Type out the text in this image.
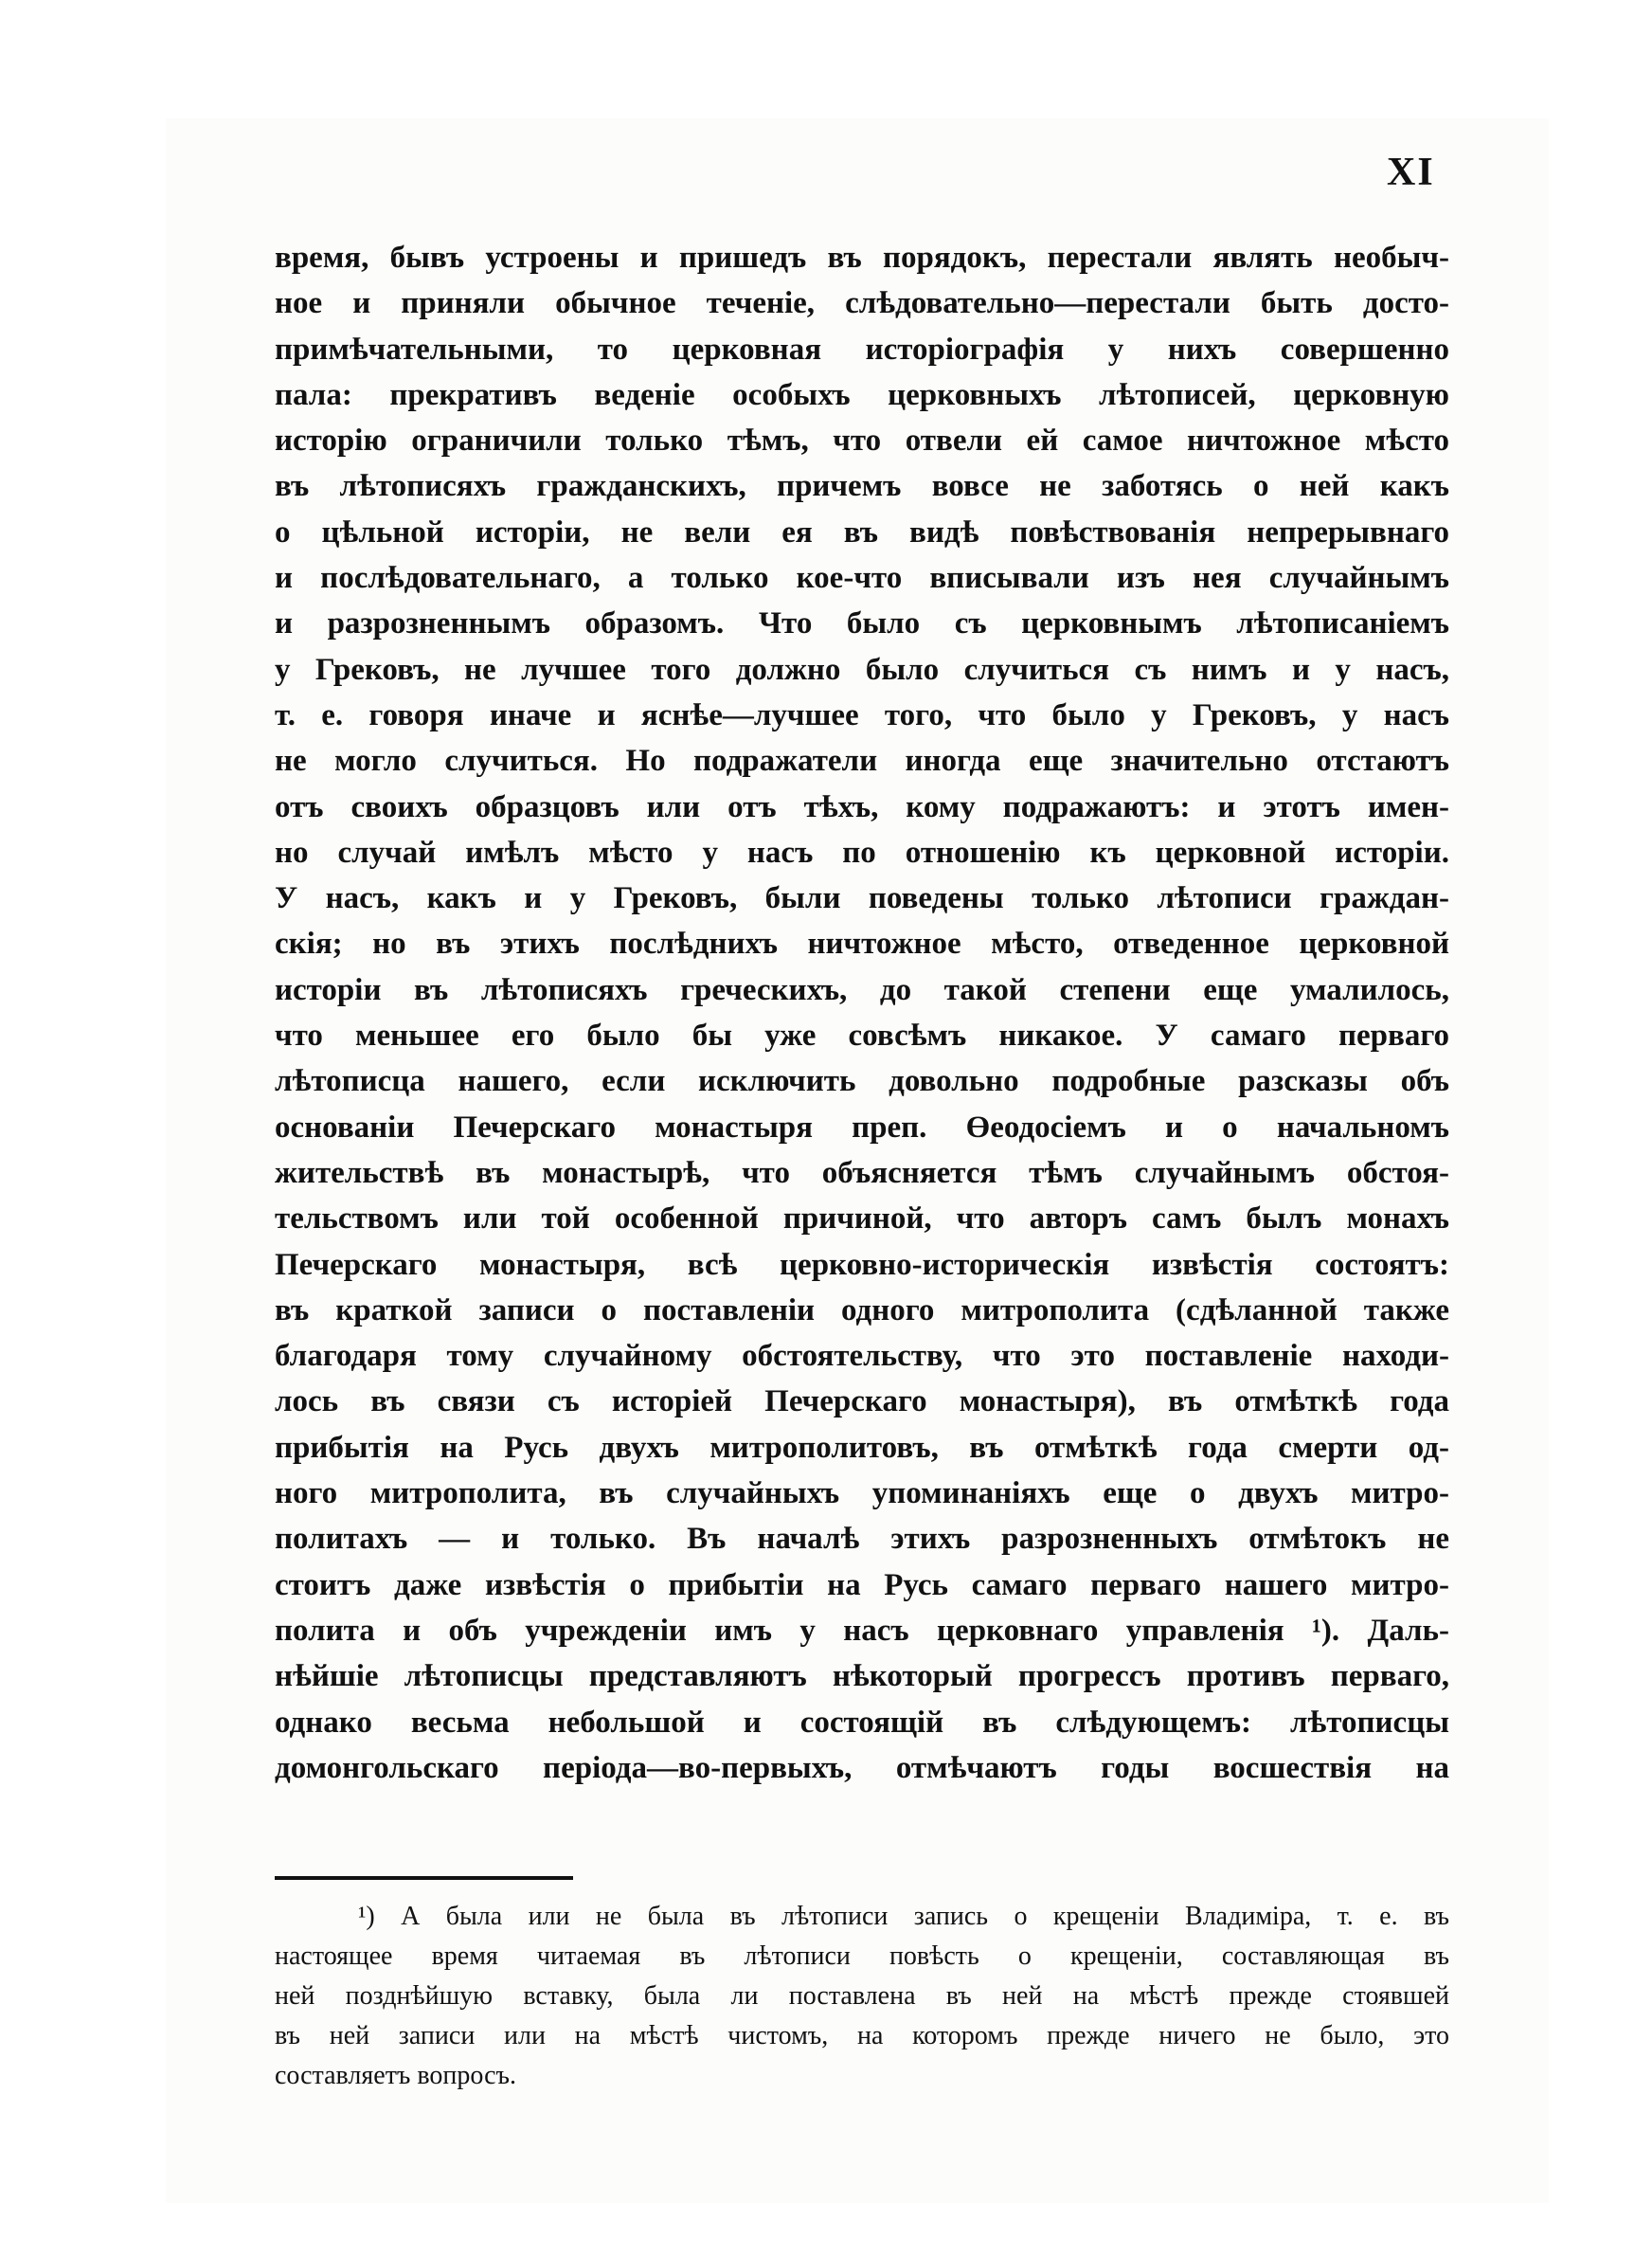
XI
время, бывъ устроены и пришедъ въ порядокъ, перестали являть необыч-
ное и приняли обычное теченіе, слѣдовательно—перестали быть досто-
примѣчательными, то церковная исторіографія у нихъ совершенно
пала: прекративъ веденіе особыхъ церковныхъ лѣтописей, церковную
исторію ограничили только тѣмъ, что отвели ей самое ничтожное мѣсто
въ лѣтописяхъ гражданскихъ, причемъ вовсе не заботясь о ней какъ
о цѣльной исторіи, не вели ея въ видѣ повѣствованія непрерывнаго
и послѣдовательнаго, а только кое-что вписывали изъ нея случайнымъ
и разрозненнымъ образомъ. Что было съ церковнымъ лѣтописаніемъ
у Грековъ, не лучшее того должно было случиться съ нимъ и у насъ,
т. е. говоря иначе и яснѣе—лучшее того, что было у Грековъ, у насъ
не могло случиться. Но подражатели иногда еще значительно отстаютъ
отъ своихъ образцовъ или отъ тѣхъ, кому подражаютъ: и этотъ имен-
но случай имѣлъ мѣсто у насъ по отношенію къ церковной исторіи.
У насъ, какъ и у Грековъ, были поведены только лѣтописи граждан-
скія; но въ этихъ послѣднихъ ничтожное мѣсто, отведенное церковной
исторіи въ лѣтописяхъ греческихъ, до такой степени еще умалилось,
что меньшее его было бы уже совсѣмъ никакое. У самаго перваго
лѣтописца нашего, если исключить довольно подробные разсказы объ
основаніи Печерскаго монастыря преп. Өеодосіемъ и о начальномъ
жительствѣ въ монастырѣ, что объясняется тѣмъ случайнымъ обстоя-
тельствомъ или той особенной причиной, что авторъ самъ былъ монахъ
Печерскаго монастыря, всѣ церковно-историческія извѣстія состоятъ:
въ краткой записи о поставленіи одного митрополита (сдѣланной также
благодаря тому случайному обстоятельству, что это поставленіе находи-
лось въ связи съ исторіей Печерскаго монастыря), въ отмѣткѣ года
прибытія на Русь двухъ митрополитовъ, въ отмѣткѣ года смерти од-
ного митрополита, въ случайныхъ упоминаніяхъ еще о двухъ митро-
политахъ — и только. Въ началѣ этихъ разрозненныхъ отмѣтокъ не
стоитъ даже извѣстія о прибытіи на Русь самаго перваго нашего митро-
полита и объ учрежденіи имъ у насъ церковнаго управленія ¹). Даль-
нѣйшіе лѣтописцы представляютъ нѣкоторый прогрессъ противъ перваго,
однако весьма небольшой и состоящій въ слѣдующемъ: лѣтописцы
домонгольскаго періода—во-первыхъ, отмѣчаютъ годы восшествія на
¹) А была или не была въ лѣтописи запись о крещеніи Владиміра, т. е. въ
настоящее время читаемая въ лѣтописи повѣсть о крещеніи, составляющая въ
ней позднѣйшую вставку, была ли поставлена въ ней на мѣстѣ прежде стоявшей
въ ней записи или на мѣстѣ чистомъ, на которомъ прежде ничего не было, это
составляетъ вопросъ.
